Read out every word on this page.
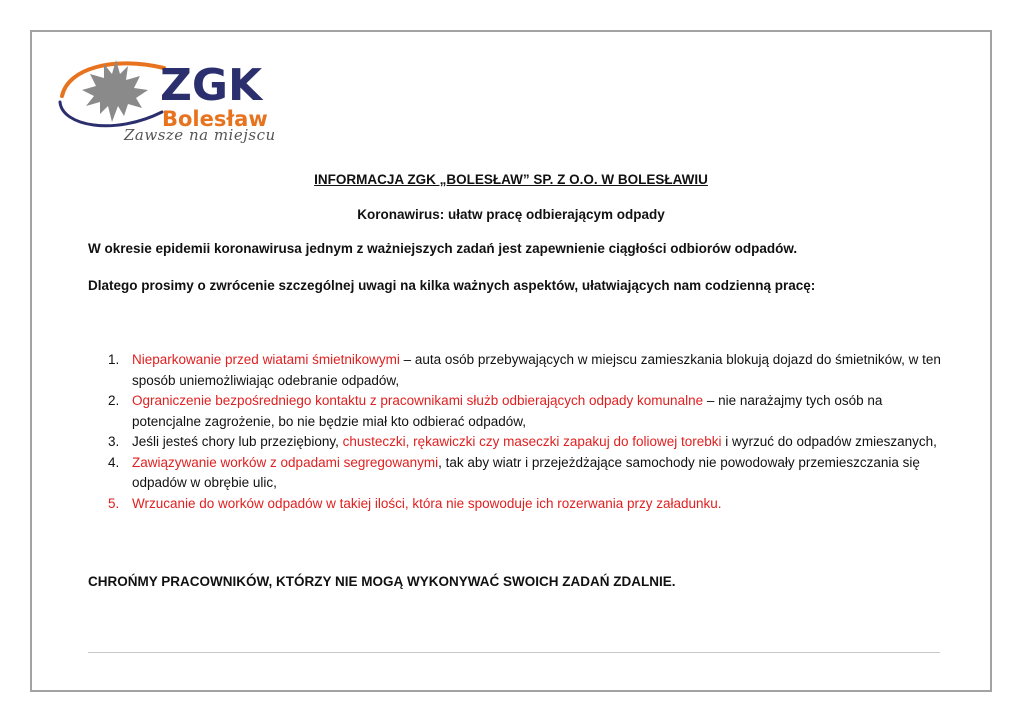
ZGK
Bolesław
Zawsze na miejscu
INFORMACJA ZGK „BOLESŁAW” SP. Z O.O. W BOLESŁAWIU
Koronawirus: ułatw pracę odbierającym odpady
W okresie epidemii koronawirusa jednym z ważniejszych zadań jest zapewnienie ciągłości odbiorów odpadów.
Dlatego prosimy o zwrócenie szczególnej uwagi na kilka ważnych aspektów, ułatwiających nam codzienną pracę:
1. Nieparkowanie przed wiatami śmietnikowymi – auta osób przebywających w miejscu zamieszkania blokują dojazd do śmietników, w ten sposób uniemożliwiając odebranie odpadów,
2. Ograniczenie bezpośredniego kontaktu z pracownikami służb odbierających odpady komunalne – nie narażajmy tych osób na potencjalne zagrożenie, bo nie będzie miał kto odbierać odpadów,
3. Jeśli jesteś chory lub przeziębiony, chusteczki, rękawiczki czy maseczki zapakuj do foliowej torebki i wyrzuć do odpadów zmieszanych,
4. Zawiązywanie worków z odpadami segregowanymi, tak aby wiatr i przejeżdżające samochody nie powodowały przemieszczania się odpadów w obrębie ulic,
5. Wrzucanie do worków odpadów w takiej ilości, która nie spowoduje ich rozerwania przy załadunku.
CHROŃMY PRACOWNIKÓW, KTÓRZY NIE MOGĄ WYKONYWAĆ SWOICH ZADAŃ ZDALNIE.
